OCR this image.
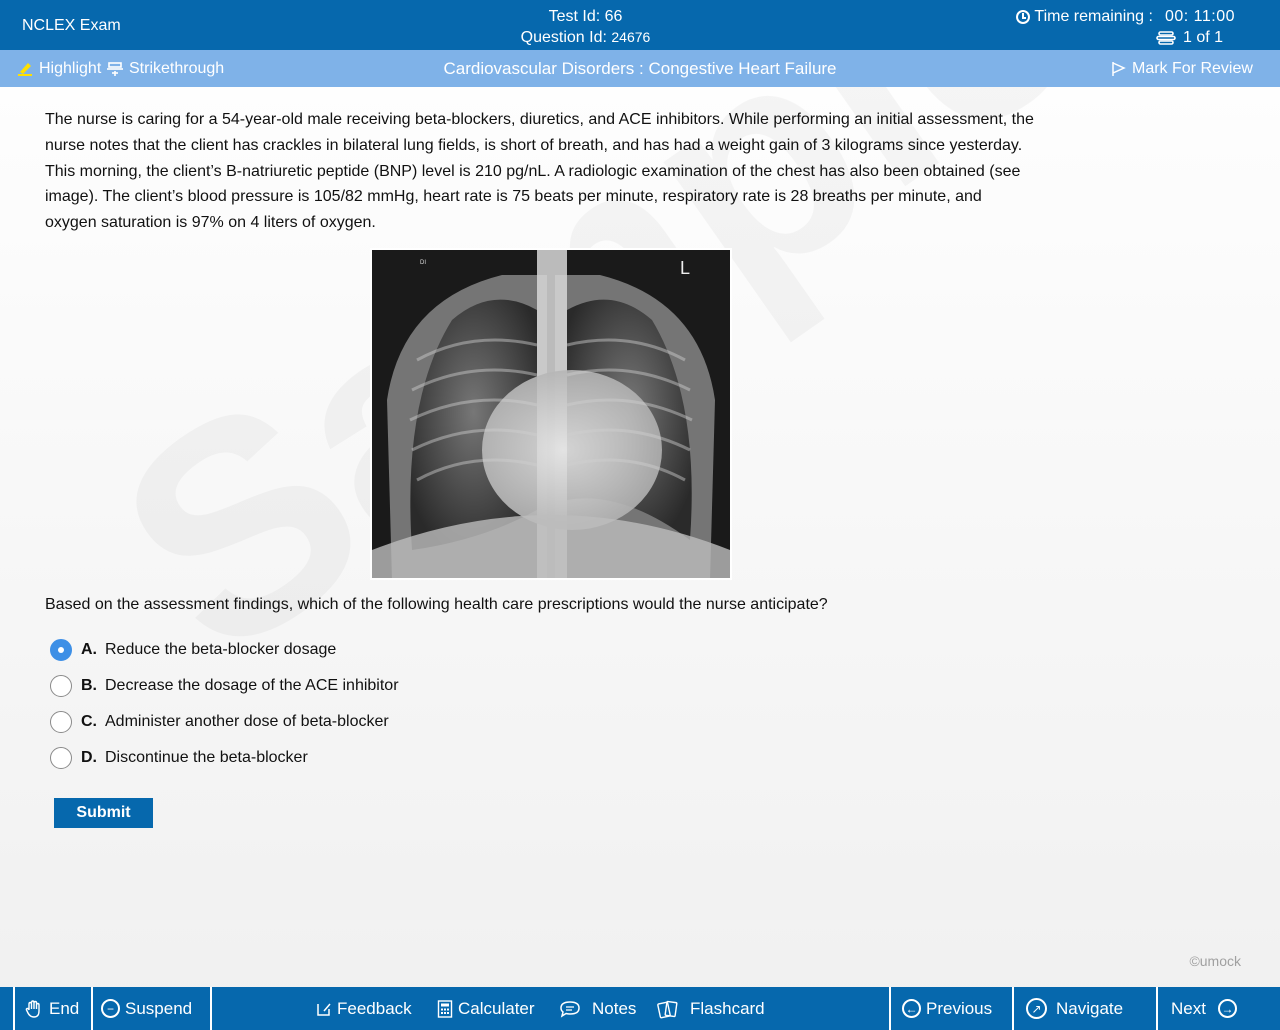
NCLEX Exam
Test Id: 66
Question Id: 24676
Time remaining : 00: 11:00
1 of 1
Highlight Strikethrough	Cardiovascular Disorders : Congestive Heart Failure	Mark For Review

The nurse is caring for a 54-year-old male receiving beta-blockers, diuretics, and ACE inhibitors. While performing an initial assessment, the nurse notes that the client has crackles in bilateral lung fields, is short of breath, and has had a weight gain of 3 kilograms since yesterday. This morning, the client’s B-natriuretic peptide (BNP) level is 210 pg/nL. A radiologic examination of the chest has also been obtained (see image). The client’s blood pressure is 105/82 mmHg, heart rate is 75 beats per minute, respiratory rate is 28 breaths per minute, and oxygen saturation is 97% on 4 liters of oxygen.

DI	L
Based on the assessment findings, which of the following health care prescriptions would the nurse anticipate?
A. Reduce the beta-blocker dosage
B. Decrease the dosage of the ACE inhibitor
C. Administer another dose of beta-blocker
D. Discontinue the beta-blocker
Submit
©umock
End	− Suspend	Feedback	Calculater	Notes	Flashcard	← Previous	↗ Navigate	Next →
